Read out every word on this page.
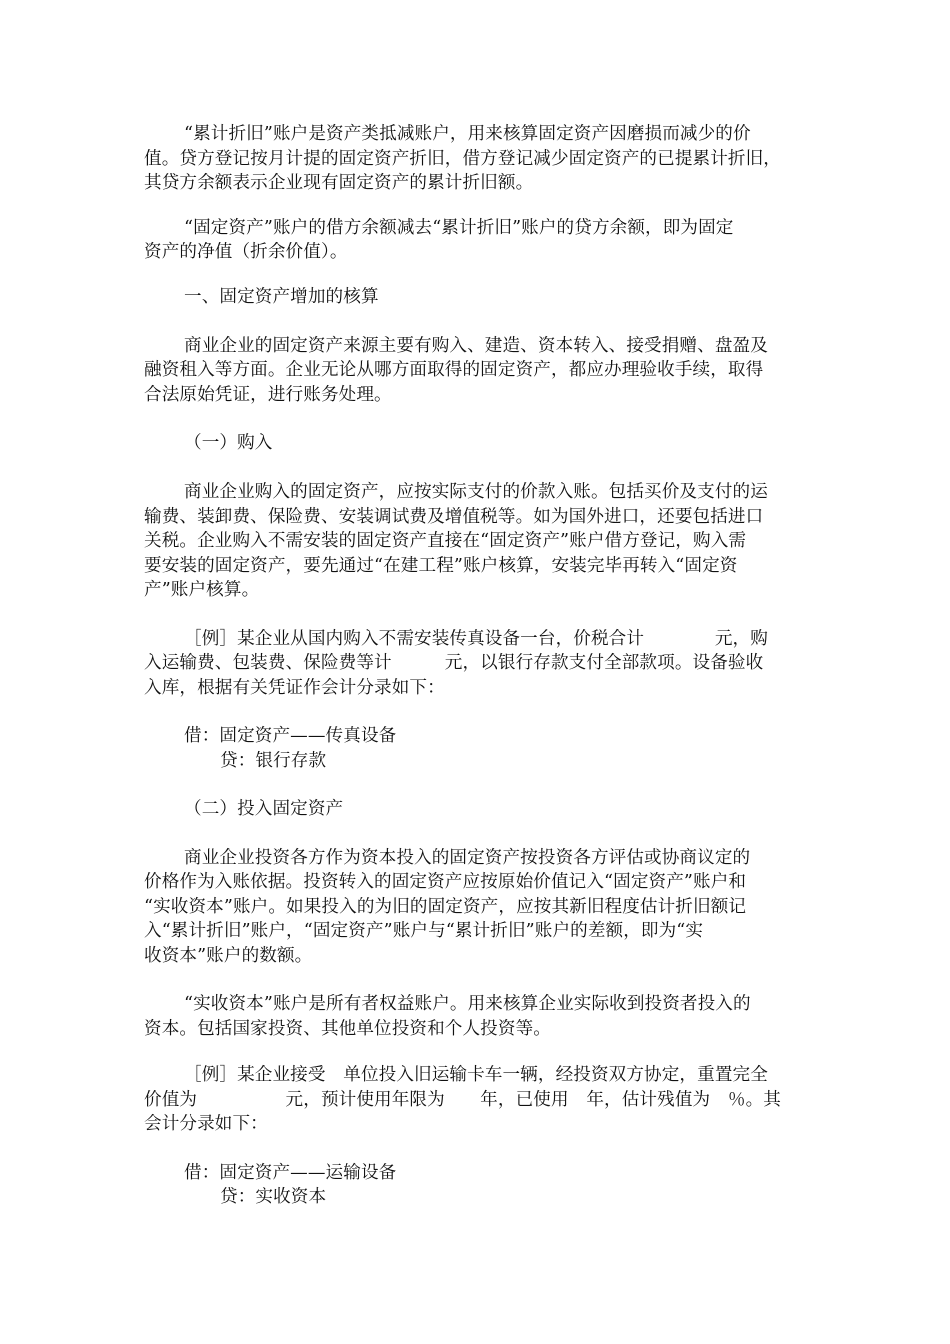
“累计折旧”账户是资产类抵减账户，用来核算固定资产因磨损而减少的价

值。贷方登记按月计提的固定资产折旧，借方登记减少固定资产的已提累计折旧，

其贷方余额表示企业现有固定资产的累计折旧额。

“固定资产”账户的借方余额减去“累计折旧”账户的贷方余额，即为固定

资产的净值（折余价值）。

一、固定资产增加的核算

商业企业的固定资产来源主要有购入、建造、资本转入、接受捐赠、盘盈及

融资租入等方面。企业无论从哪方面取得的固定资产，都应办理验收手续，取得

合法原始凭证，进行账务处理。

（一）购入

商业企业购入的固定资产，应按实际支付的价款入账。包括买价及支付的运

输费、装卸费、保险费、安装调试费及增值税等。如为国外进口，还要包括进口

关税。企业购入不需安装的固定资产直接在“固定资产”账户借方登记，购入需

要安装的固定资产，要先通过“在建工程”账户核算，安装完毕再转入“固定资

产”账户核算。

［例］某企业从国内购入不需安装传真设备一台，价税合计　　　　元，购

入运输费、包装费、保险费等计　　　元，以银行存款支付全部款项。设备验收

入库，根据有关凭证作会计分录如下：

借：固定资产——传真设备

贷：银行存款

（二）投入固定资产

商业企业投资各方作为资本投入的固定资产按投资各方评估或协商议定的

价格作为入账依据。投资转入的固定资产应按原始价值记入“固定资产”账户和

“实收资本”账户。如果投入的为旧的固定资产，应按其新旧程度估计折旧额记

入“累计折旧”账户，“固定资产”账户与“累计折旧”账户的差额，即为“实

收资本”账户的数额。

“实收资本”账户是所有者权益账户。用来核算企业实际收到投资者投入的

资本。包括国家投资、其他单位投资和个人投资等。

［例］某企业接受　单位投入旧运输卡车一辆，经投资双方协定，重置完全

价值为　　　　　元，预计使用年限为　　年，已使用　年，估计残值为　％。其

会计分录如下：

借：固定资产——运输设备

贷：实收资本
